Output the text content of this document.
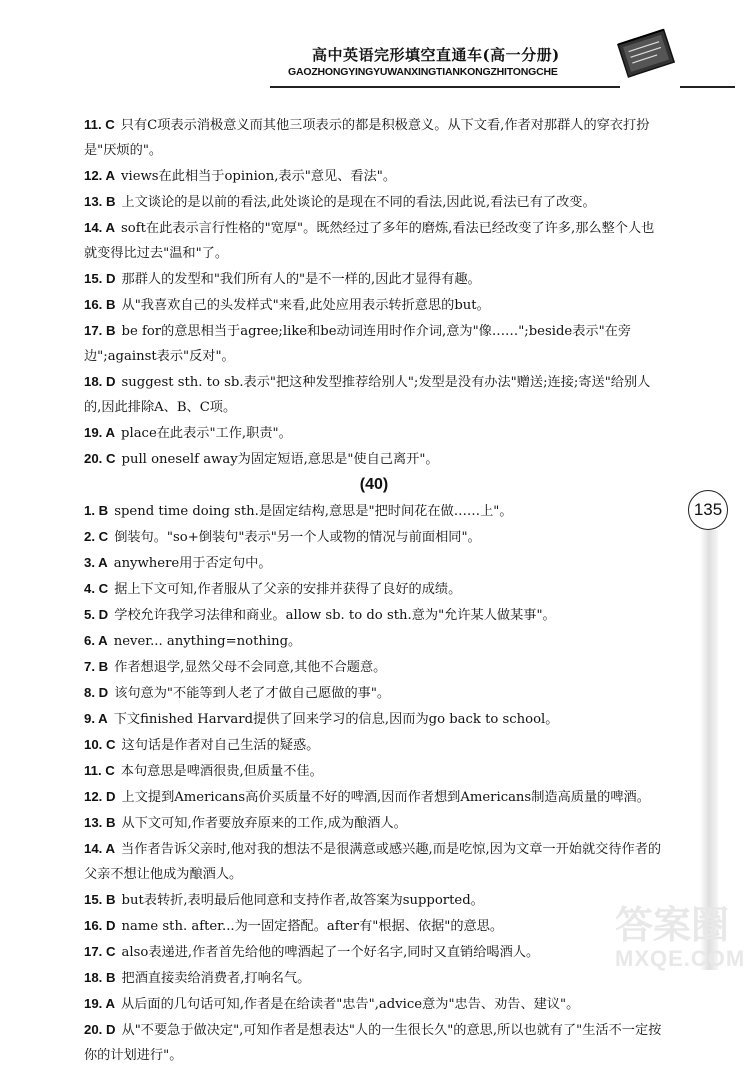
高中英语完形填空直通车(高一分册)
GAOZHONGYINGYUWANXINGTIANKONGZHITONGCHE

11. C 只有C项表示消极意义而其他三项表示的都是积极意义。从下文看,作者对那群人的穿衣打扮是"厌烦的"。

12. A views在此相当于opinion,表示"意见、看法"。

13. B 上文谈论的是以前的看法,此处谈论的是现在不同的看法,因此说,看法已有了改变。

14. A soft在此表示言行性格的"宽厚"。既然经过了多年的磨炼,看法已经改变了许多,那么整个人也就变得比过去"温和"了。

15. D 那群人的发型和"我们所有人的"是不一样的,因此才显得有趣。

16. B 从"我喜欢自己的头发样式"来看,此处应用表示转折意思的but。

17. B be for的意思相当于agree;like和be动词连用时作介词,意为"像……";beside表示"在旁边";against表示"反对"。

18. D suggest sth. to sb.表示"把这种发型推荐给别人";发型是没有办法"赠送;连接;寄送"给别人的,因此排除A、B、C项。

19. A place在此表示"工作,职责"。

20. C pull oneself away为固定短语,意思是"使自己离开"。

(40)

1. B spend time doing sth.是固定结构,意思是"把时间花在做……上"。

2. C 倒装句。"so+倒装句"表示"另一个人或物的情况与前面相同"。

3. A anywhere用于否定句中。

4. C 据上下文可知,作者服从了父亲的安排并获得了良好的成绩。

5. D 学校允许我学习法律和商业。allow sb. to do sth.意为"允许某人做某事"。

6. A never... anything=nothing。

7. B 作者想退学,显然父母不会同意,其他不合题意。

8. D 该句意为"不能等到人老了才做自己愿做的事"。

9. A 下文finished Harvard提供了回来学习的信息,因而为go back to school。

10. C 这句话是作者对自己生活的疑惑。

11. C 本句意思是啤酒很贵,但质量不佳。

12. D 上文提到Americans高价买质量不好的啤酒,因而作者想到Americans制造高质量的啤酒。

13. B 从下文可知,作者要放弃原来的工作,成为酿酒人。

14. A 当作者告诉父亲时,他对我的想法不是很满意或感兴趣,而是吃惊,因为文章一开始就交待作者的父亲不想让他成为酿酒人。

15. B but表转折,表明最后他同意和支持作者,故答案为supported。

16. D name sth. after...为一固定搭配。after有"根据、依据"的意思。

17. C also表递进,作者首先给他的啤酒起了一个好名字,同时又直销给喝酒人。

18. B 把酒直接卖给消费者,打响名气。

19. A 从后面的几句话可知,作者是在给读者"忠告",advice意为"忠告、劝告、建议"。

20. D 从"不要急于做决定",可知作者是想表达"人的一生很长久"的意思,所以也就有了"生活不一定按你的计划进行"。

135
答案圈
MXQE.COM
